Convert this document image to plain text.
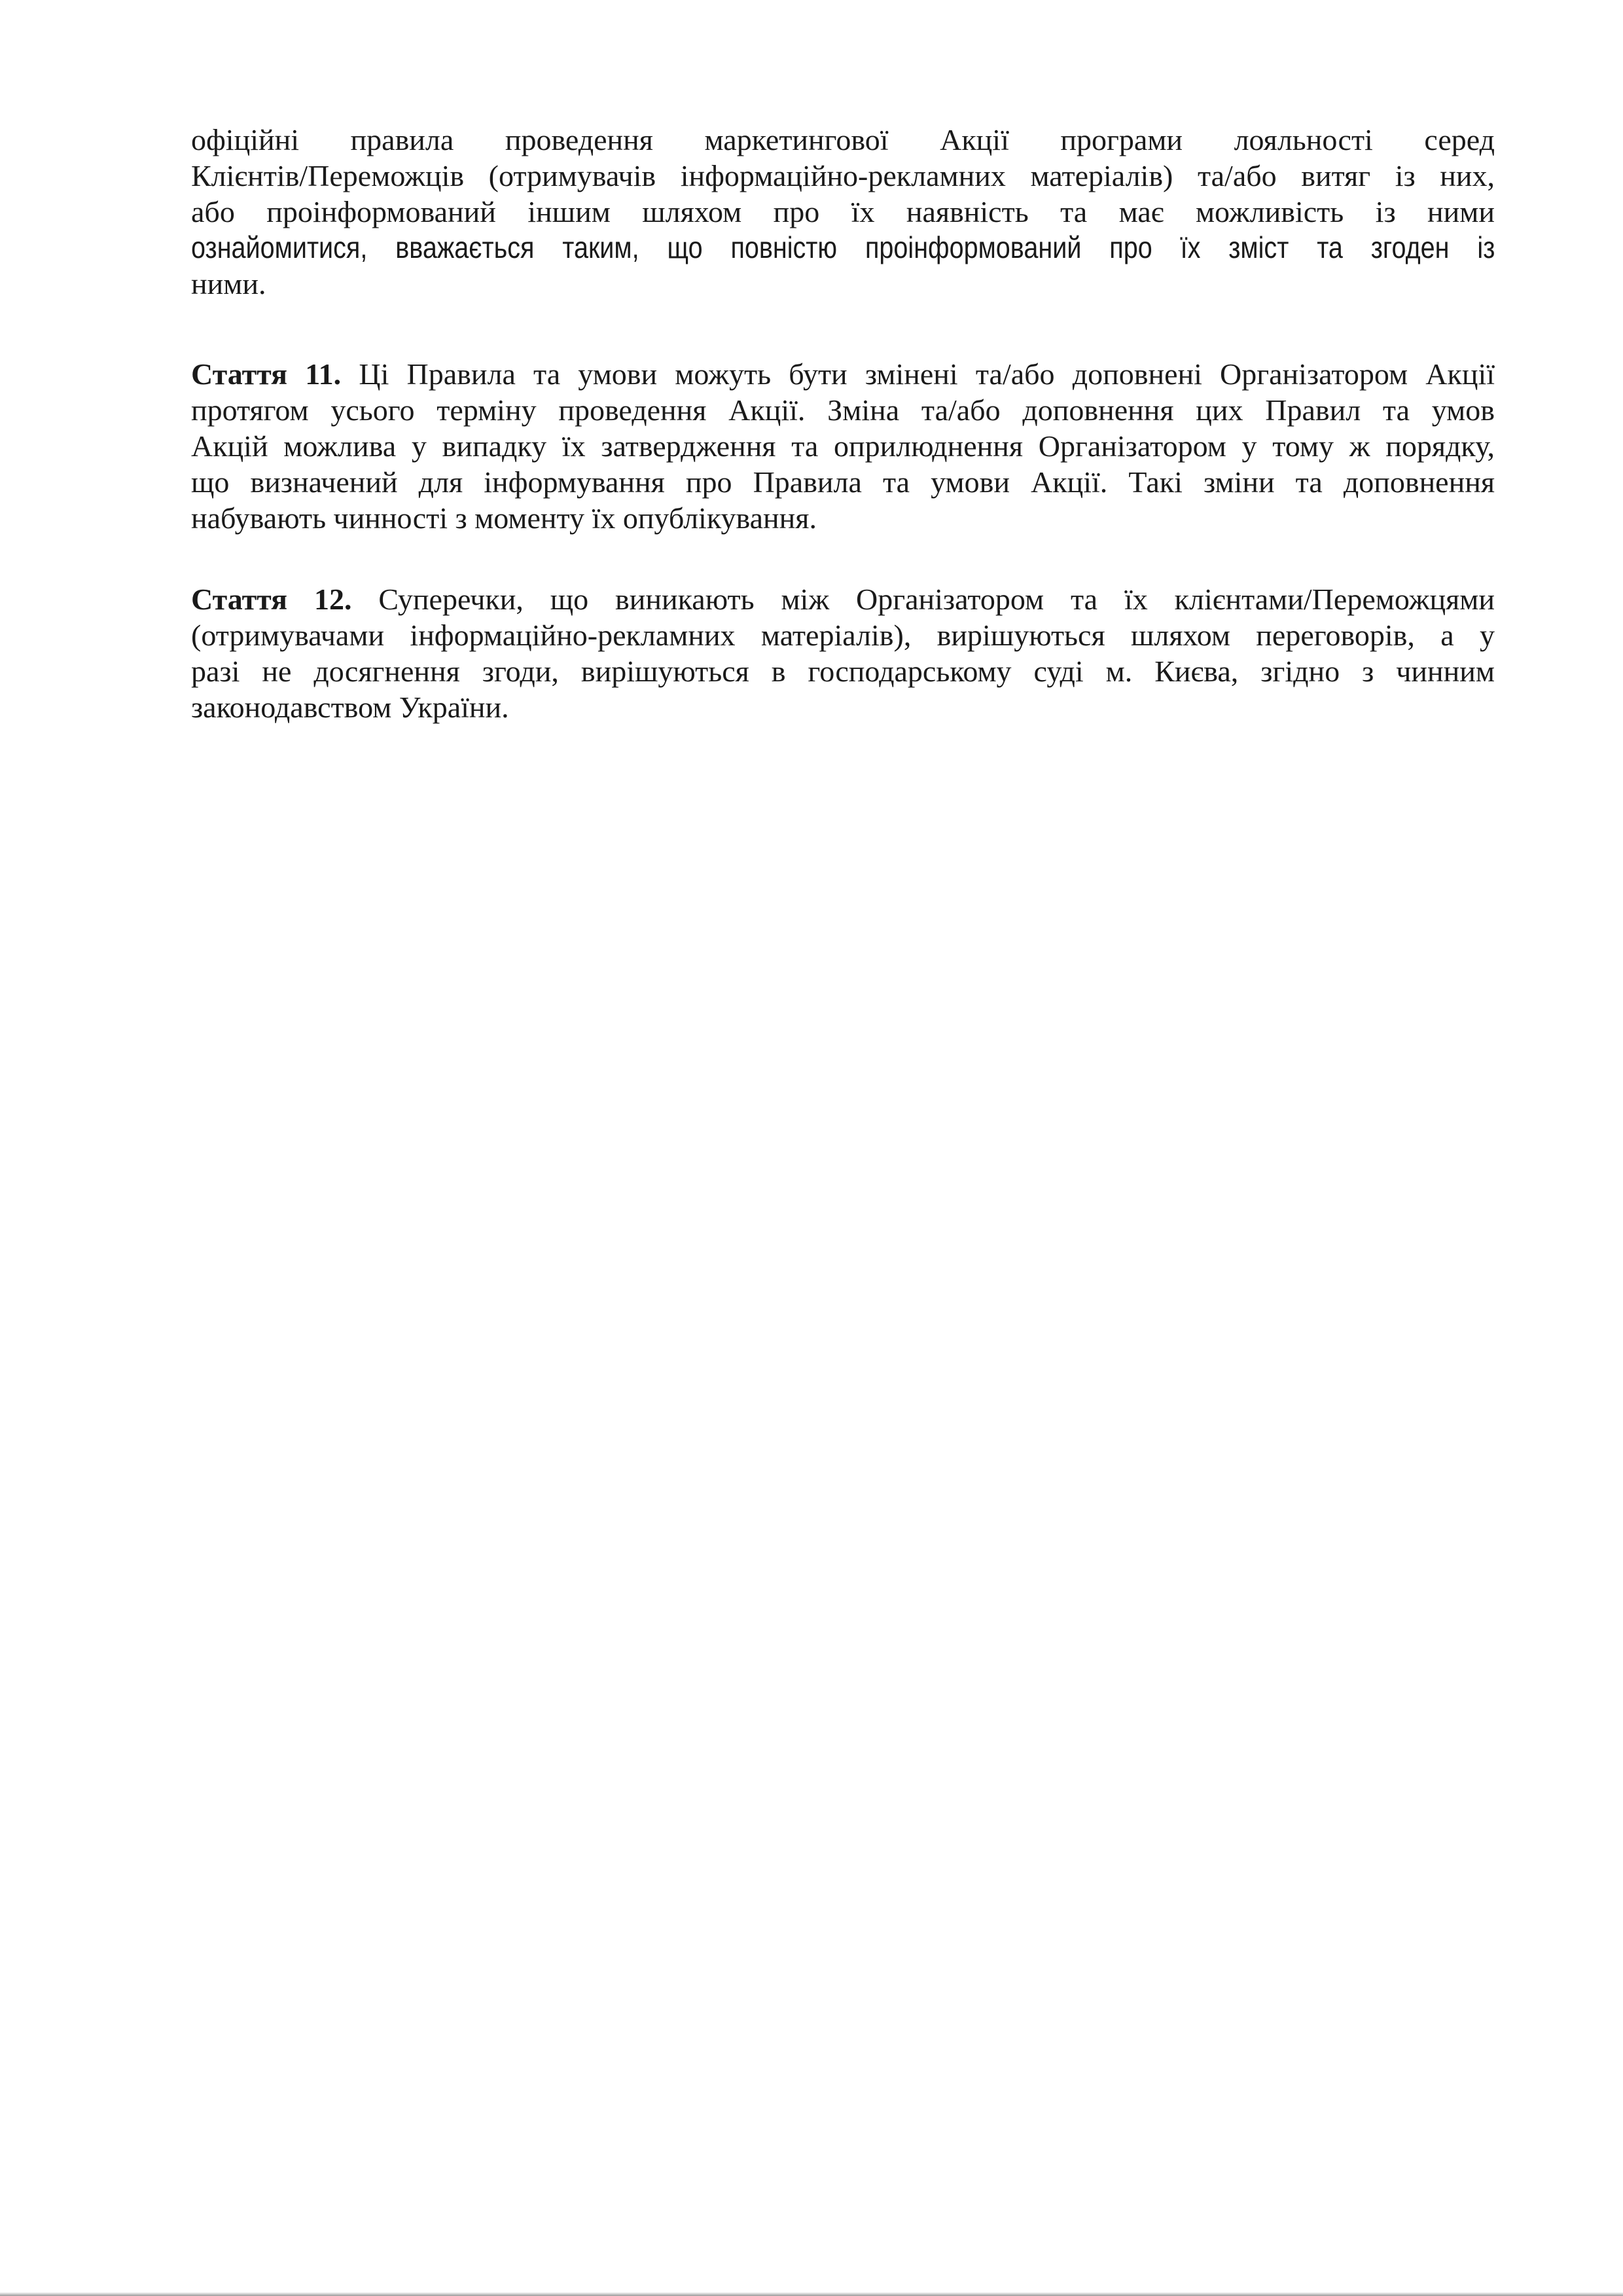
офіційні правила проведення маркетингової Акції програми лояльності серед
Клієнтів/Переможців (отримувачів інформаційно-рекламних матеріалів) та/або витяг із них,
або проінформований іншим шляхом про їх наявність та має можливість із ними
ознайомитися, вважається таким, що повністю проінформований про їх зміст та згоден із
ними.
Стаття 11. Ці Правила та умови можуть бути змінені та/або доповнені Організатором Акції
протягом усього терміну проведення Акції. Зміна та/або доповнення цих Правил та умов
Акцій можлива у випадку їх затвердження та оприлюднення Організатором у тому ж порядку,
що визначений для інформування про Правила та умови Акції. Такі зміни та доповнення
набувають чинності з моменту їх опублікування.
Стаття 12. Суперечки, що виникають між Організатором та їх клієнтами/Переможцями
(отримувачами інформаційно-рекламних матеріалів), вирішуються шляхом переговорів, а у
разі не досягнення згоди, вирішуються в господарському суді м. Києва, згідно з чинним
законодавством України.
